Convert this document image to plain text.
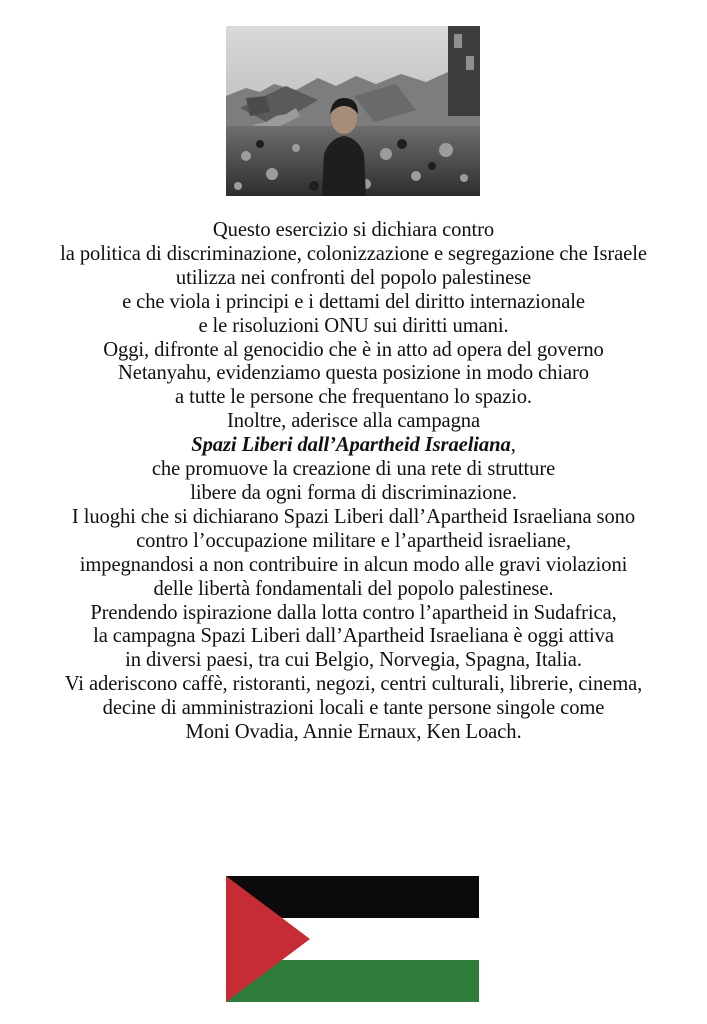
Questo esercizio si dichiara contro
la politica di discriminazione, colonizzazione e segregazione che Israele
utilizza nei confronti del popolo palestinese
e che viola i principi e i dettami del diritto internazionale
e le risoluzioni ONU sui diritti umani.
Oggi, difronte al genocidio che è in atto ad opera del governo
Netanyahu, evidenziamo questa posizione in modo chiaro
a tutte le persone che frequentano lo spazio.
Inoltre, aderisce alla campagna
Spazi Liberi dall’Apartheid Israeliana,
che promuove la creazione di una rete di strutture
libere da ogni forma di discriminazione.
I luoghi che si dichiarano Spazi Liberi dall’Apartheid Israeliana sono
contro l’occupazione militare e l’apartheid israeliane,
impegnandosi a non contribuire in alcun modo alle gravi violazioni
delle libertà fondamentali del popolo palestinese.
Prendendo ispirazione dalla lotta contro l’apartheid in Sudafrica,
la campagna Spazi Liberi dall’Apartheid Israeliana è oggi attiva
in diversi paesi, tra cui Belgio, Norvegia, Spagna, Italia.
Vi aderiscono caffè, ristoranti, negozi, centri culturali, librerie, cinema,
decine di amministrazioni locali e tante persone singole come
Moni Ovadia, Annie Ernaux, Ken Loach.
